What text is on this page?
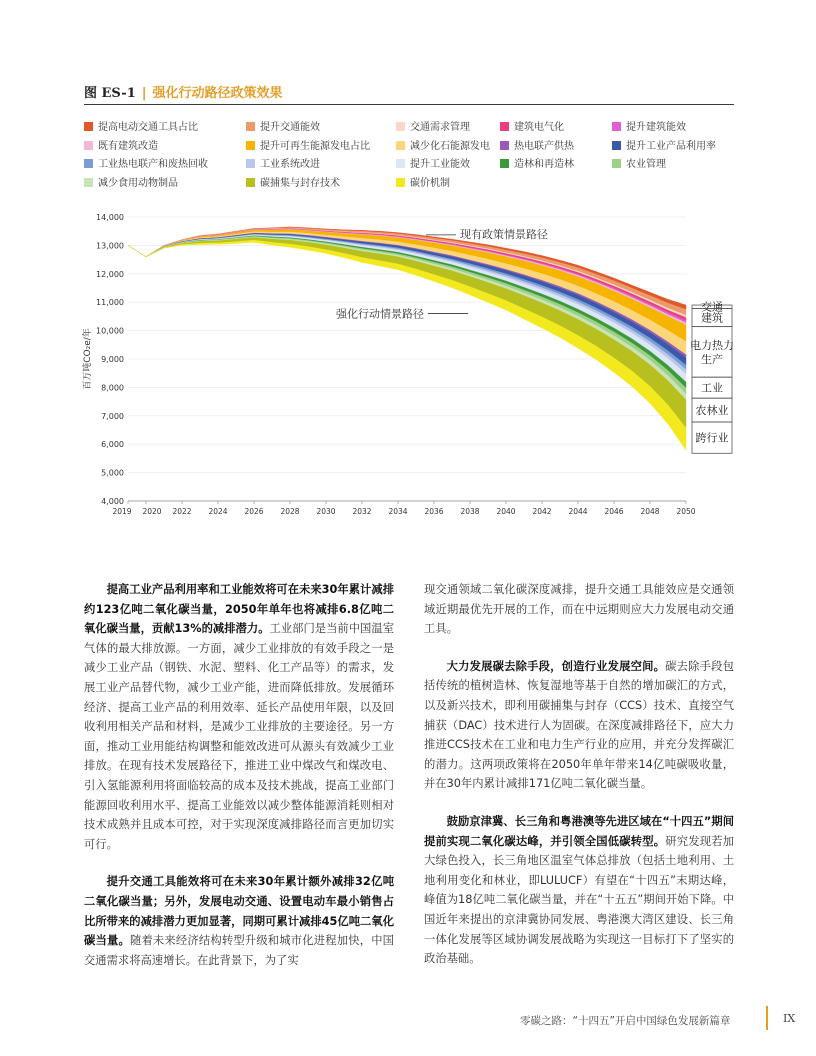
图 ES-1 | 强化行动路径政策效果
提高电动交通工具占比	提升交通能效	交通需求管理	建筑电气化	提升建筑能效
既有建筑改造	提升可再生能源发电占比	减少化石能源发电	热电联产供热	提升工业产品利用率
工业热电联产和废热回收	工业系统改进	提升工业能效	造林和再造林	农业管理
减少食用动物制品	碳捕集与封存技术	碳价机制
4,000
5,000
6,000
7,000
8,000
9,000
10,000
11,000
12,000
13,000
14,000
2019 2020 2022 2024 2026 2028 2030 2032 2034 2036 2038 2040 2042 2044 2046 2048 2050
百万吨CO₂e/年
现有政策情景路径
强化行动情景路径
交通
建筑
电力热力
生产
工业
农林业
跨行业

提高工业产品利用率和工业能效将可在未来30年累计减排约123亿吨二氧化碳当量，2050年单年也将减排6.8亿吨二氧化碳当量，贡献13%的减排潜力。工业部门是当前中国温室气体的最大排放源。一方面，减少工业排放的有效手段之一是减少工业产品（钢铁、水泥、塑料、化工产品等）的需求，发展工业产品替代物，减少工业产能，进而降低排放。发展循环经济、提高工业产品的利用效率、延长产品使用年限，以及回收利用相关产品和材料，是减少工业排放的主要途径。另一方面，推动工业用能结构调整和能效改进可从源头有效减少工业排放。在现有技术发展路径下，推进工业中煤改气和煤改电、引入氢能源利用将面临较高的成本及技术挑战，提高工业部门能源回收利用水平、提高工业能效以减少整体能源消耗则相对技术成熟并且成本可控，对于实现深度减排路径而言更加切实可行。

提升交通工具能效将可在未来30年累计额外减排32亿吨二氧化碳当量；另外，发展电动交通、设置电动车最小销售占比所带来的减排潜力更加显著，同期可累计减排45亿吨二氧化碳当量。随着未来经济结构转型升级和城市化进程加快，中国交通需求将高速增长。在此背景下，为了实

现交通领域二氧化碳深度减排，提升交通工具能效应是交通领域近期最优先开展的工作，而在中远期则应大力发展电动交通工具。

大力发展碳去除手段，创造行业发展空间。碳去除手段包括传统的植树造林、恢复湿地等基于自然的增加碳汇的方式，以及新兴技术，即利用碳捕集与封存（CCS）技术、直接空气捕获（DAC）技术进行人为固碳。在深度减排路径下，应大力推进CCS技术在工业和电力生产行业的应用，并充分发挥碳汇的潜力。这两项政策将在2050年单年带来14亿吨碳吸收量，并在30年内累计减排171亿吨二氧化碳当量。

鼓励京津冀、长三角和粤港澳等先进区域在“十四五”期间提前实现二氧化碳达峰，并引领全国低碳转型。研究发现若加大绿色投入，长三角地区温室气体总排放（包括土地利用、土地利用变化和林业，即LULUCF）有望在“十四五”末期达峰，峰值为18亿吨二氧化碳当量，并在“十五五”期间开始下降。中国近年来提出的京津冀协同发展、粤港澳大湾区建设、长三角一体化发展等区域协调发展战略为实现这一目标打下了坚实的政治基础。

零碳之路：“十四五”开启中国绿色发展新篇章	IX
